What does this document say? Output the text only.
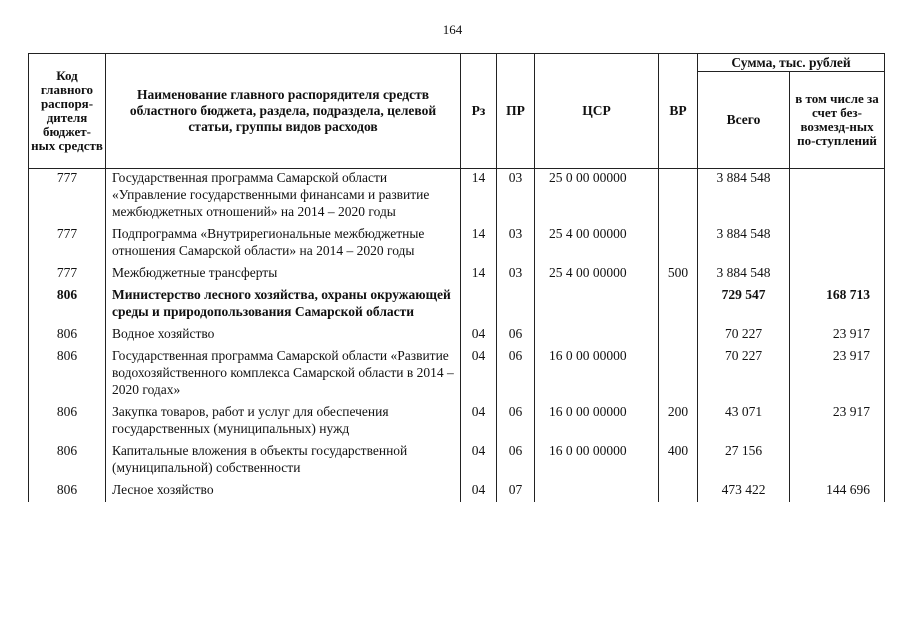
164
Код главного распоря-дителя бюджет-ных средств	Наименование главного распорядителя средств областного бюджета, раздела, подраздела, целевой статьи, группы видов расходов	Рз	ПР	ЦСР	ВР	Сумма, тыс. рублей	
						Всего	в том числе за счет без-возмезд-ных по-ступлений
777	Государственная программа Самарской области «Управление государственными финансами и развитие межбюджетных отношений» на 2014 – 2020 годы	14	03	25 0 00 00000		3 884 548	
777	Подпрограмма «Внутрирегиональные межбюджетные отношения Самарской области» на 2014 – 2020 годы	14	03	25 4 00 00000		3 884 548	
777	Межбюджетные трансферты	14	03	25 4 00 00000	500	3 884 548	
806	Министерство лесного хозяйства, охраны окружающей среды и природопользования Самарской области					729 547	168 713
806	Водное хозяйство	04	06			70 227	23 917
806	Государственная программа Самарской области «Развитие водохозяйственного комплекса Самарской области в 2014 – 2020 годах»	04	06	16 0 00 00000		70 227	23 917
806	Закупка товаров, работ и услуг для обеспечения государственных (муниципальных) нужд	04	06	16 0 00 00000	200	43 071	23 917
806	Капитальные вложения в объекты государственной (муниципальной) собственности	04	06	16 0 00 00000	400	27 156	
806	Лесное хозяйство	04	07			473 422	144 696
